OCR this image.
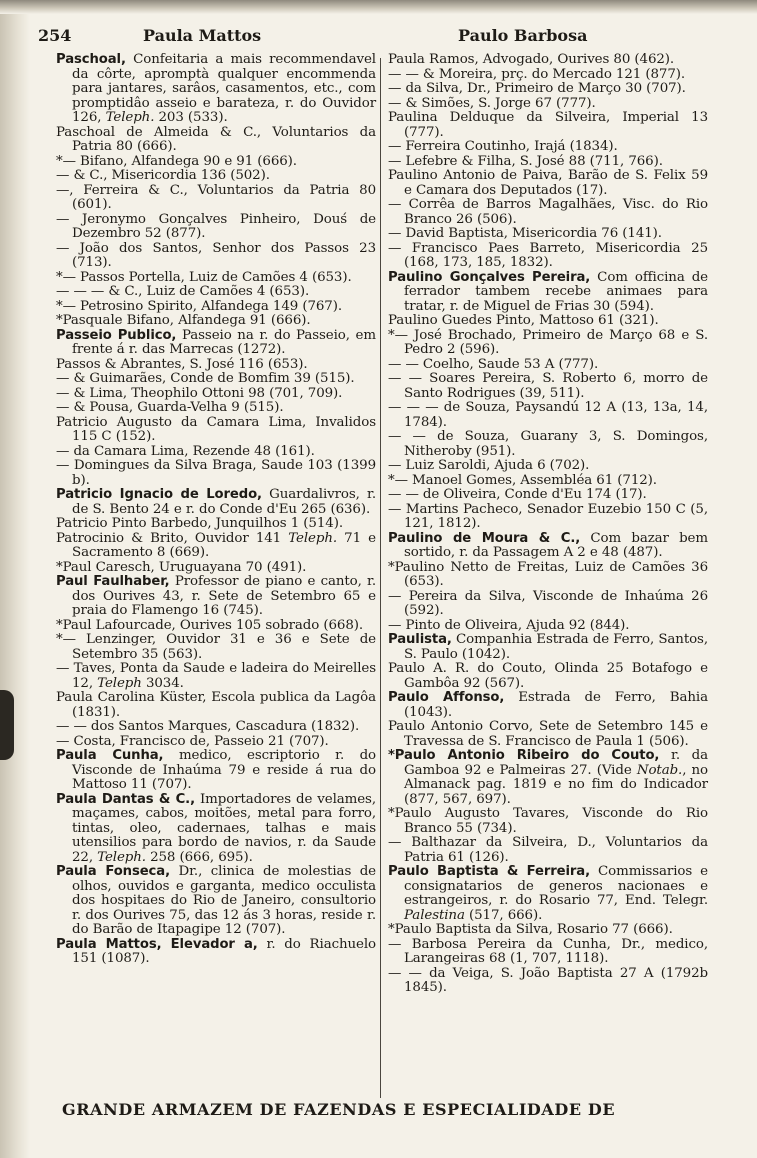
254	Paula Mattos	Paulo Barbosa

Paschoal, Confeitaria a mais recommendavel da côrte, apromptà qualquer encommenda para jantares, sarâos, casamentos, etc., com promptidâo asseio e barateza, r. do Ouvidor 126, Teleph. 203 (533).

Paschoal de Almeida & C., Voluntarios da Patria 80 (666).

*— Bifano, Alfandega 90 e 91 (666).

— & C., Misericordia 136 (502).

—, Ferreira & C., Voluntarios da Patria 80 (601).

— Jeronymo Gonçalves Pinheiro, Douś de Dezembro 52 (877).

— João dos Santos, Senhor dos Passos 23 (713).

*— Passos Portella, Luiz de Camões 4 (653).

— — — & C., Luiz de Camões 4 (653).

*— Petrosino Spirito, Alfandega 149 (767).

*Pasquale Bifano, Alfandega 91 (666).

Passeio Publico, Passeio na r. do Passeio, em frente á r. das Marrecas (1272).

Passos & Abrantes, S. José 116 (653).

— & Guimarães, Conde de Bomfim 39 (515).

— & Lima, Theophilo Ottoni 98 (701, 709).

— & Pousa, Guarda-Velha 9 (515).

Patricio Augusto da Camara Lima, Invalidos 115 C (152).

— da Camara Lima, Rezende 48 (161).

— Domingues da Silva Braga, Saude 103 (1399 b).

Patricio Ignacio de Loredo, Guardalivros, r. de S. Bento 24 e r. do Conde d'Eu 265 (636).

Patricio Pinto Barbedo, Junquilhos 1 (514).

Patrocinio & Brito, Ouvidor 141 Teleph. 71 e Sacramento 8 (669).

*Paul Caresch, Uruguayana 70 (491).

Paul Faulhaber, Professor de piano e canto, r. dos Ourives 43, r. Sete de Setembro 65 e praia do Flamengo 16 (745).

*Paul Lafourcade, Ourives 105 sobrado (668).

*— Lenzinger, Ouvidor 31 e 36 e Sete de Setembro 35 (563).

— Taves, Ponta da Saude e ladeira do Meirelles 12, Teleph 3034.

Paula Carolina Küster, Escola publica da Lagôa (1831).

— — dos Santos Marques, Cascadura (1832).

— Costa, Francisco de, Passeio 21 (707).

Paula Cunha, medico, escriptorio r. do Visconde de Inhaúma 79 e reside á rua do Mattoso 11 (707).

Paula Dantas & C., Importadores de velames, maçames, cabos, moitões, metal para forro, tintas, oleo, cadernaes, talhas e mais utensilios para bordo de navios, r. da Saude 22, Teleph. 258 (666, 695).

Paula Fonseca, Dr., clinica de molestias de olhos, ouvidos e garganta, medico occulista dos hospitaes do Rio de Janeiro, consultorio r. dos Ourives 75, das 12 ás 3 horas, reside r. do Barão de Itapagipe 12 (707).

Paula Mattos, Elevador a, r. do Riachuelo 151 (1087).

Paula Ramos, Advogado, Ourives 80 (462).

— — & Moreira, prç. do Mercado 121 (877).

— da Silva, Dr., Primeiro de Março 30 (707).

— & Simões, S. Jorge 67 (777).

Paulina Delduque da Silveira, Imperial 13 (777).

— Ferreira Coutinho, Irajá (1834).

— Lefebre & Filha, S. José 88 (711, 766).

Paulino Antonio de Paiva, Barão de S. Felix 59 e Camara dos Deputados (17).

— Corrêa de Barros Magalhães, Visc. do Rio Branco 26 (506).

— David Baptista, Misericordia 76 (141).

— Francisco Paes Barreto, Misericordia 25 (168, 173, 185, 1832).

Paulino Gonçalves Pereira, Com officina de ferrador tambem recebe animaes para tratar, r. de Miguel de Frias 30 (594).

Paulino Guedes Pinto, Mattoso 61 (321).

*— José Brochado, Primeiro de Março 68 e S. Pedro 2 (596).

— — Coelho, Saude 53 A (777).

— — Soares Pereira, S. Roberto 6, morro de Santo Rodrigues (39, 511).

— — — de Souza, Paysandú 12 A (13, 13a, 14, 1784).

— — de Souza, Guarany 3, S. Domingos, Nitheroby (951).

— Luiz Saroldi, Ajuda 6 (702).

*— Manoel Gomes, Assembléa 61 (712).

— — de Oliveira, Conde d'Eu 174 (17).

— Martins Pacheco, Senador Euzebio 150 C (5, 121, 1812).

Paulino de Moura & C., Com bazar bem sortido, r. da Passagem A 2 e 48 (487).

*Paulino Netto de Freitas, Luiz de Camões 36 (653).

— Pereira da Silva, Visconde de Inhaúma 26 (592).

— Pinto de Oliveira, Ajuda 92 (844).

Paulista, Companhia Estrada de Ferro, Santos, S. Paulo (1042).

Paulo A. R. do Couto, Olinda 25 Botafogo e Gambôa 92 (567).

Paulo Affonso, Estrada de Ferro, Bahia (1043).

Paulo Antonio Corvo, Sete de Setembro 145 e Travessa de S. Francisco de Paula 1 (506).

*Paulo Antonio Ribeiro do Couto, r. da Gamboa 92 e Palmeiras 27. (Vide Notab., no Almanack pag. 1819 e no fim do Indicador (877, 567, 697).

*Paulo Augusto Tavares, Visconde do Rio Branco 55 (734).

— Balthazar da Silveira, D., Voluntarios da Patria 61 (126).

Paulo Baptista & Ferreira, Commissarios e consignatarios de generos nacionaes e estrangeiros, r. do Rosario 77, End. Telegr. Palestina (517, 666).

*Paulo Baptista da Silva, Rosario 77 (666).

— Barbosa Pereira da Cunha, Dr., medico, Larangeiras 68 (1, 707, 1118).

— — da Veiga, S. João Baptista 27 A (1792b 1845).

GRANDE ARMAZEM DE FAZENDAS E ESPECIALIDADE DE
